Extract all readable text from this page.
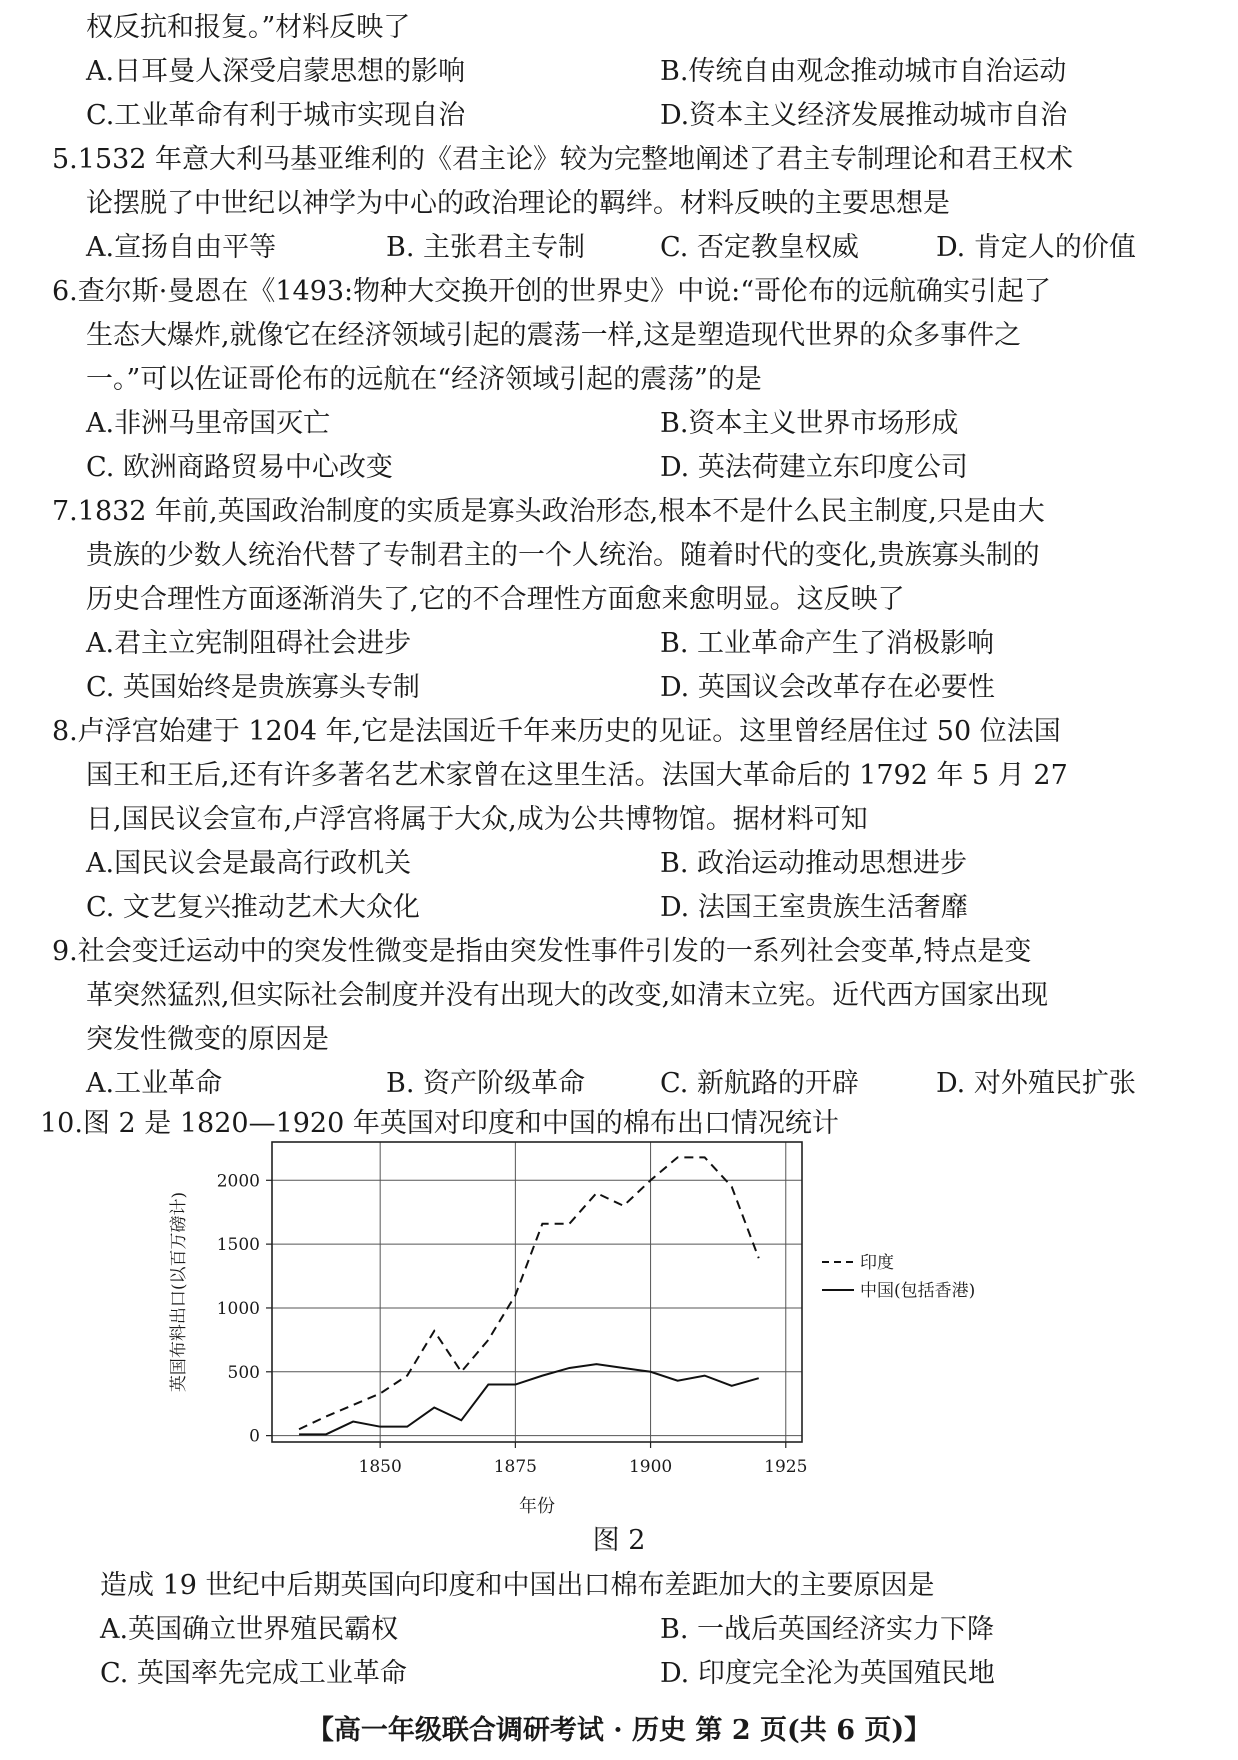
权反抗和报复。”材料反映了
A.日耳曼人深受启蒙思想的影响	B.传统自由观念推动城市自治运动
C.工业革命有利于城市实现自治	D.资本主义经济发展推动城市自治
5.1532 年意大利马基亚维利的《君主论》较为完整地阐述了君主专制理论和君王权术
论摆脱了中世纪以神学为中心的政治理论的羁绊。材料反映的主要思想是
A.宣扬自由平等	B. 主张君主专制	C. 否定教皇权威	D. 肯定人的价值
6.查尔斯·曼恩在《1493:物种大交换开创的世界史》中说:“哥伦布的远航确实引起了
生态大爆炸,就像它在经济领域引起的震荡一样,这是塑造现代世界的众多事件之
一。”可以佐证哥伦布的远航在“经济领域引起的震荡”的是
A.非洲马里帝国灭亡	B.资本主义世界市场形成
C. 欧洲商路贸易中心改变	D. 英法荷建立东印度公司
7.1832 年前,英国政治制度的实质是寡头政治形态,根本不是什么民主制度,只是由大
贵族的少数人统治代替了专制君主的一个人统治。随着时代的变化,贵族寡头制的
历史合理性方面逐渐消失了,它的不合理性方面愈来愈明显。这反映了
A.君主立宪制阻碍社会进步	B. 工业革命产生了消极影响
C. 英国始终是贵族寡头专制	D. 英国议会改革存在必要性
8.卢浮宫始建于 1204 年,它是法国近千年来历史的见证。这里曾经居住过 50 位法国
国王和王后,还有许多著名艺术家曾在这里生活。法国大革命后的 1792 年 5 月 27
日,国民议会宣布,卢浮宫将属于大众,成为公共博物馆。据材料可知
A.国民议会是最高行政机关	B. 政治运动推动思想进步
C. 文艺复兴推动艺术大众化	D. 法国王室贵族生活奢靡
9.社会变迁运动中的突发性微变是指由突发性事件引发的一系列社会变革,特点是变
革突然猛烈,但实际社会制度并没有出现大的改变,如清末立宪。近代西方国家出现
突发性微变的原因是
A.工业革命	B. 资产阶级革命	C. 新航路的开辟	D. 对外殖民扩张
10.图 2 是 1820—1920 年英国对印度和中国的棉布出口情况统计
1850	1875	1900	1925
0
500
1000
1500
2000
年份
英国布料出口(以百万磅计)	印度
中国(包括香港)
图 2
造成 19 世纪中后期英国向印度和中国出口棉布差距加大的主要原因是
A.英国确立世界殖民霸权	B. 一战后英国经济实力下降
C. 英国率先完成工业革命	D. 印度完全沦为英国殖民地
【高一年级联合调研考试 · 历史 第 2 页(共 6 页)】
